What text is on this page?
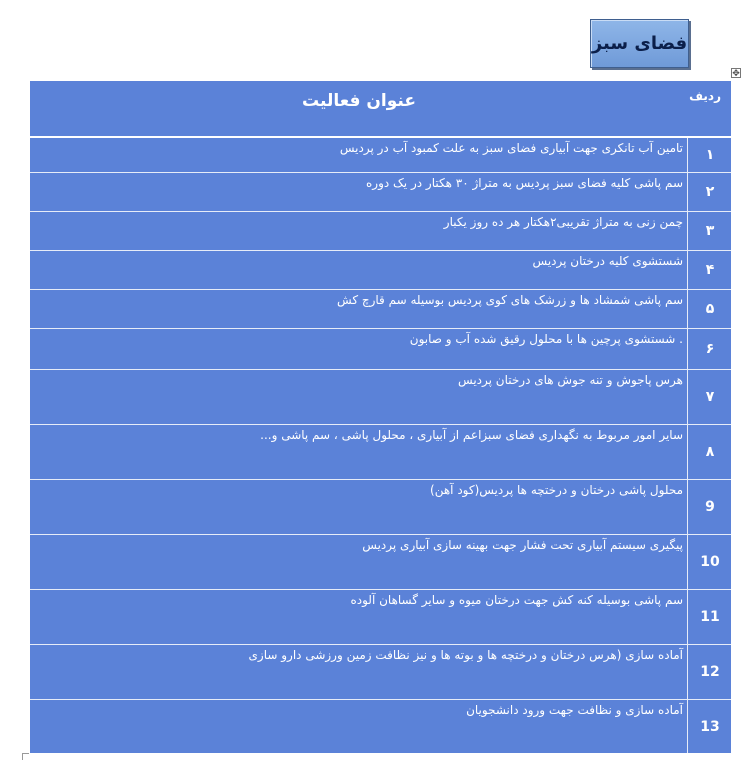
فضای سبز
✥
عنوان فعالیت	ردیف
تامین آب تانکری جهت آبیاری فضای سبز به علت کمبود آب در پردیس	۱
سم پاشی کلیه فضای سبز پردیس به متراژ ۳۰ هکتار در یک دوره
۲
چمن زنی به متراژ تقریبی۲هکتار هر ده روز یکبار
۳
شستشوی کلیه درختان پردیس
۴
سم پاشی شمشاد ها و زرشک های کوی پردیس بوسیله سم قارچ کش
۵
. شستشوی پرچین ها با محلول رقیق شده آب و صابون
۶
هرس پاجوش و تنه جوش های درختان پردیس
۷
سایر امور مربوط به نگهداری فضای سبزاعم از آبیاری ، محلول پاشی ، سم پاشی و...
۸
محلول پاشی درختان و درختچه ها پردیس(کود آهن)
9
پیگیری سیستم آبیاری تحت فشار جهت بهینه سازی آبیاری پردیس
10
سم پاشی بوسیله کنه کش جهت درختان میوه و سایر گساهان آلوده
11
آماده سازی (هرس درختان و درختچه ها و بوته ها و نیز نظافت زمین ورزشی دارو سازی
12
آماده سازی و نظافت جهت ورود دانشجویان
13
